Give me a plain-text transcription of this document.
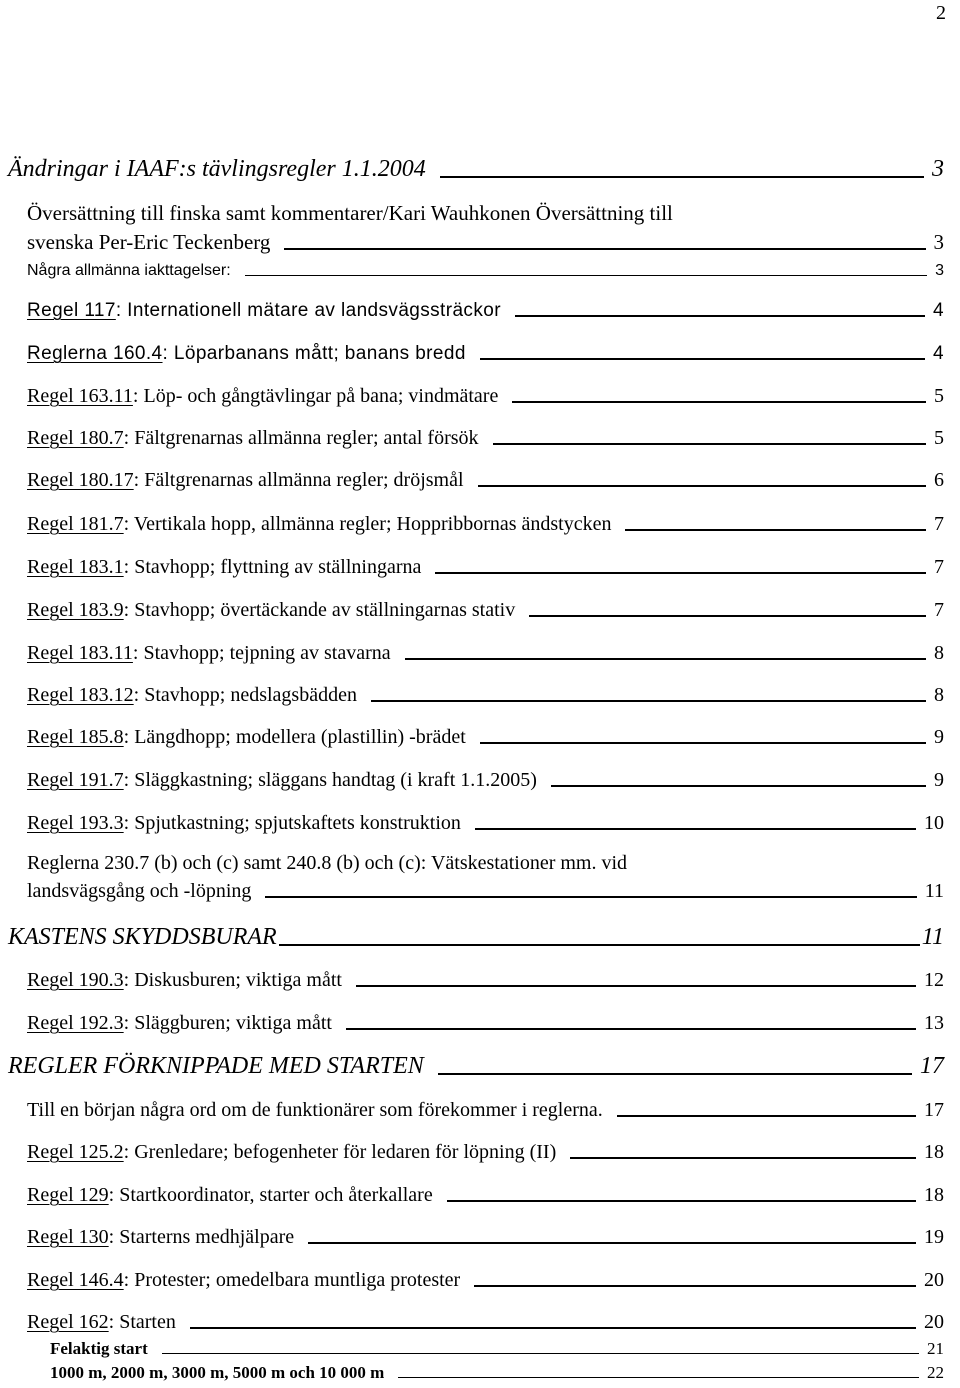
2
Ändringar i IAAF:s tävlingsregler 1.1.2004	3
Översättning till finska samt kommentarer/Kari Wauhkonen Översättning till
svenska Per-Eric Teckenberg	3
Några allmänna iakttagelser:	3
Regel 117: Internationell mätare av landsvägssträckor	4
Reglerna 160.4: Löparbanans mått; banans bredd	4
Regel 163.11: Löp- och gångtävlingar på bana; vindmätare	5
Regel 180.7: Fältgrenarnas allmänna regler; antal försök	5
Regel 180.17: Fältgrenarnas allmänna regler; dröjsmål	6
Regel 181.7: Vertikala hopp, allmänna regler; Hoppribbornas ändstycken	7
Regel 183.1: Stavhopp; flyttning av ställningarna	7
Regel 183.9: Stavhopp; övertäckande av ställningarnas stativ	7
Regel 183.11: Stavhopp; tejpning av stavarna	8
Regel 183.12: Stavhopp; nedslagsbädden	8
Regel 185.8: Längdhopp; modellera (plastillin) -brädet	9
Regel 191.7: Släggkastning; släggans handtag (i kraft 1.1.2005)	9
Regel 193.3: Spjutkastning; spjutskaftets konstruktion	10
Reglerna 230.7 (b) och (c) samt 240.8 (b) och (c): Vätskestationer mm. vid
landsvägsgång och -löpning	11
KASTENS SKYDDSBURAR	11
Regel 190.3: Diskusburen; viktiga mått	12
Regel 192.3: Släggburen; viktiga mått	13
REGLER FÖRKNIPPADE MED STARTEN	17
Till en början några ord om de funktionärer som förekommer i reglerna.	17
Regel 125.2: Grenledare; befogenheter för ledaren för löpning (II)	18
Regel 129: Startkoordinator, starter och återkallare	18
Regel 130: Starterns medhjälpare	19
Regel 146.4: Protester; omedelbara muntliga protester	20
Regel 162: Starten	20
Felaktig start	21
1000 m, 2000 m, 3000 m, 5000 m och 10 000 m	22
